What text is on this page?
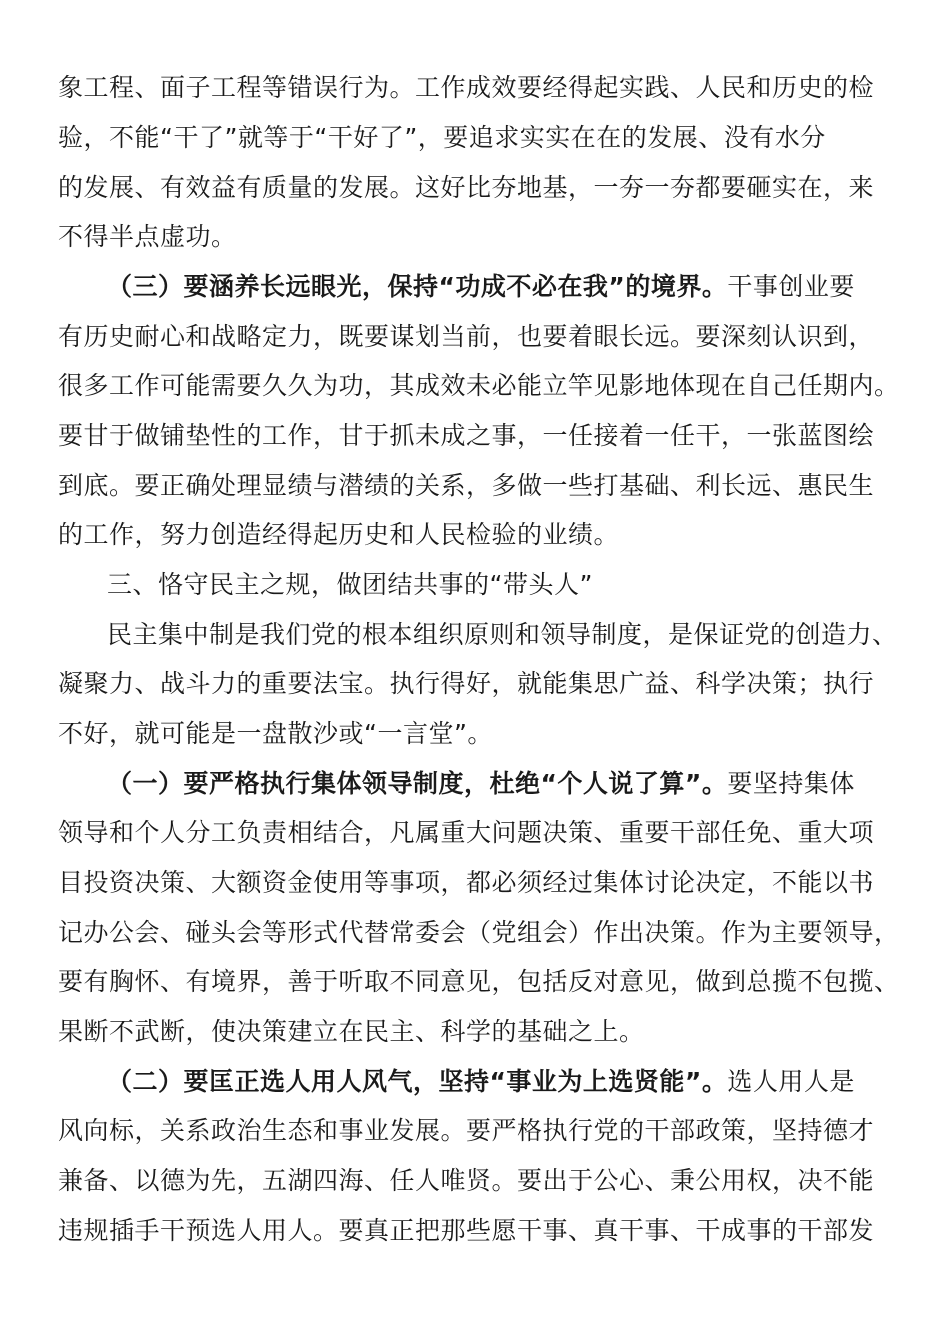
象工程、面子工程等错误行为。工作成效要经得起实践、人民和历史的检
验，不能“干了”就等于“干好了”，要追求实实在在的发展、没有水分
的发展、有效益有质量的发展。这好比夯地基，一夯一夯都要砸实在，来
不得半点虚功。
（三）要涵养长远眼光，保持“功成不必在我”的境界。干事创业要
有历史耐心和战略定力，既要谋划当前，也要着眼长远。要深刻认识到，
很多工作可能需要久久为功，其成效未必能立竿见影地体现在自己任期内。
要甘于做铺垫性的工作，甘于抓未成之事，一任接着一任干，一张蓝图绘
到底。要正确处理显绩与潜绩的关系，多做一些打基础、利长远、惠民生
的工作，努力创造经得起历史和人民检验的业绩。
三、恪守民主之规，做团结共事的“带头人”
民主集中制是我们党的根本组织原则和领导制度，是保证党的创造力、
凝聚力、战斗力的重要法宝。执行得好，就能集思广益、科学决策；执行
不好，就可能是一盘散沙或“一言堂”。
（一）要严格执行集体领导制度，杜绝“个人说了算”。要坚持集体
领导和个人分工负责相结合，凡属重大问题决策、重要干部任免、重大项
目投资决策、大额资金使用等事项，都必须经过集体讨论决定，不能以书
记办公会、碰头会等形式代替常委会（党组会）作出决策。作为主要领导，
要有胸怀、有境界，善于听取不同意见，包括反对意见，做到总揽不包揽、
果断不武断，使决策建立在民主、科学的基础之上。
（二）要匡正选人用人风气，坚持“事业为上选贤能”。选人用人是
风向标，关系政治生态和事业发展。要严格执行党的干部政策，坚持德才
兼备、以德为先，五湖四海、任人唯贤。要出于公心、秉公用权，决不能
违规插手干预选人用人。要真正把那些愿干事、真干事、干成事的干部发
